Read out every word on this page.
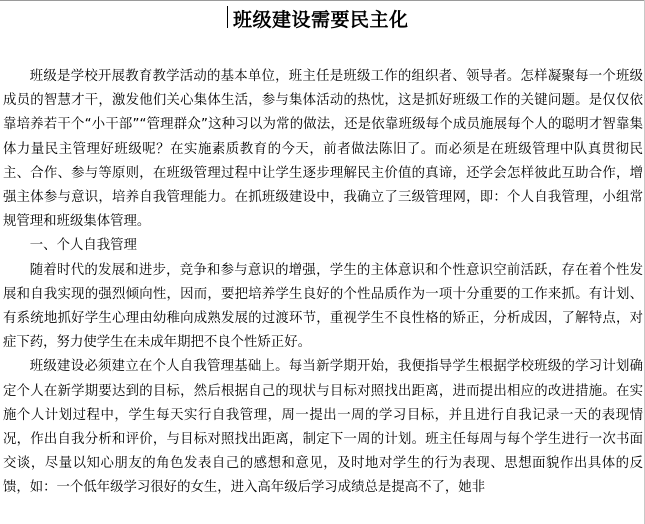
班级建设需要民主化

班级是学校开展教育教学活动的基本单位，班主任是班级工作的组织者、领导者。怎样凝聚每一个班级成员的智慧才干，激发他们关心集体生活，参与集体活动的热忱，这是抓好班级工作的关键问题。是仅仅依靠培养若干个“小干部”“管理群众”这种习以为常的做法，还是依靠班级每个成员施展每个人的聪明才智靠集体力量民主管理好班级呢？在实施素质教育的今天，前者做法陈旧了。而必须是在班级管理中队真贯彻民主、合作、参与等原则，在班级管理过程中让学生逐步理解民主价值的真谛，还学会怎样彼此互助合作，增强主体参与意识，培养自我管理能力。在抓班级建设中，我确立了三级管理网，即：个人自我管理，小组常规管理和班级集体管理。

一、个人自我管理

随着时代的发展和进步，竞争和参与意识的增强，学生的主体意识和个性意识空前活跃，存在着个性发展和自我实现的强烈倾向性，因而，要把培养学生良好的个性品质作为一项十分重要的工作来抓。有计划、有系统地抓好学生心理由幼稚向成熟发展的过渡环节，重视学生不良性格的矫正，分析成因，了解特点，对症下药，努力使学生在未成年期把不良个性矫正好。

班级建设必须建立在个人自我管理基础上。每当新学期开始，我便指导学生根据学校班级的学习计划确定个人在新学期要达到的目标，然后根据自己的现状与目标对照找出距离，进而提出相应的改进措施。在实施个人计划过程中，学生每天实行自我管理，周一提出一周的学习目标，并且进行自我记录一天的表现情况，作出自我分析和评价，与目标对照找出距离，制定下一周的计划。班主任每周与每个学生进行一次书面交谈，尽量以知心朋友的角色发表自己的感想和意见，及时地对学生的行为表现、思想面貌作出具体的反馈，如：一个低年级学习很好的女生，进入高年级后学习成绩总是提高不了，她非
